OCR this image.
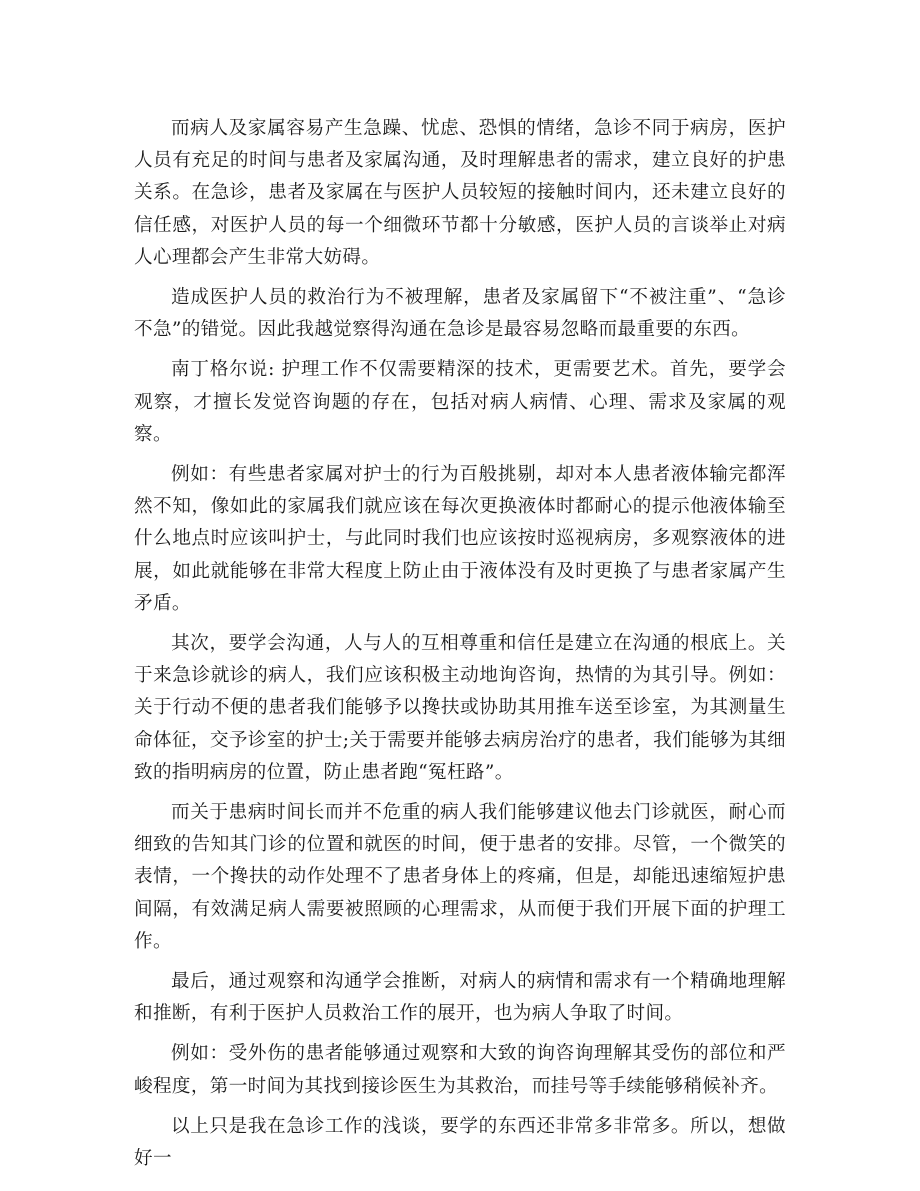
而病人及家属容易产生急躁、忧虑、恐惧的情绪，急诊不同于病房，医护人员有充足的时间与患者及家属沟通，及时理解患者的需求，建立良好的护患关系。在急诊，患者及家属在与医护人员较短的接触时间内，还未建立良好的信任感，对医护人员的每一个细微环节都十分敏感，医护人员的言谈举止对病人心理都会产生非常大妨碍。

造成医护人员的救治行为不被理解，患者及家属留下“不被注重”、“急诊不急”的错觉。因此我越觉察得沟通在急诊是最容易忽略而最重要的东西。

南丁格尔说: 护理工作不仅需要精深的技术，更需要艺术。首先，要学会观察，才擅长发觉咨询题的存在，包括对病人病情、心理、需求及家属的观察。

例如：有些患者家属对护士的行为百般挑剔，却对本人患者液体输完都浑然不知，像如此的家属我们就应该在每次更换液体时都耐心的提示他液体输至什么地点时应该叫护士，与此同时我们也应该按时巡视病房，多观察液体的进展，如此就能够在非常大程度上防止由于液体没有及时更换了与患者家属产生矛盾。

其次，要学会沟通，人与人的互相尊重和信任是建立在沟通的根底上。关于来急诊就诊的病人，我们应该积极主动地询咨询，热情的为其引导。例如：关于行动不便的患者我们能够予以搀扶或协助其用推车送至诊室，为其测量生命体征，交予诊室的护士;关于需要并能够去病房治疗的患者，我们能够为其细致的指明病房的位置，防止患者跑“冤枉路”。

而关于患病时间长而并不危重的病人我们能够建议他去门诊就医，耐心而细致的告知其门诊的位置和就医的时间，便于患者的安排。尽管，一个微笑的表情，一个搀扶的动作处理不了患者身体上的疼痛，但是，却能迅速缩短护患间隔，有效满足病人需要被照顾的心理需求，从而便于我们开展下面的护理工作。

最后，通过观察和沟通学会推断，对病人的病情和需求有一个精确地理解和推断，有利于医护人员救治工作的展开，也为病人争取了时间。

例如：受外伤的患者能够通过观察和大致的询咨询理解其受伤的部位和严峻程度，第一时间为其找到接诊医生为其救治，而挂号等手续能够稍候补齐。

以上只是我在急诊工作的浅谈，要学的东西还非常多非常多。所以，想做好一
